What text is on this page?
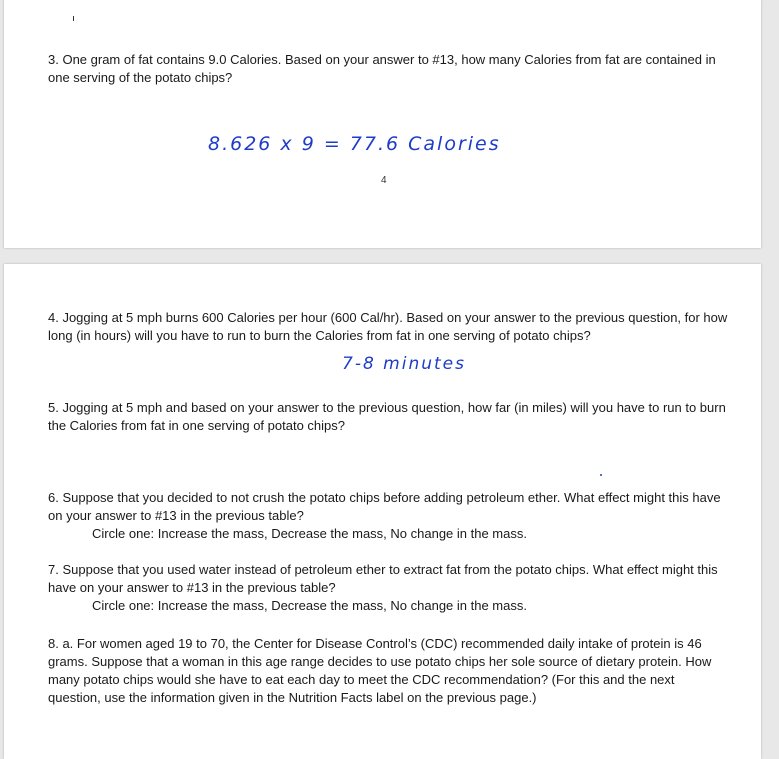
3. One gram of fat contains 9.0 Calories. Based on your answer to #13, how many Calories from fat are contained in one serving of the potato chips?

8.626 x 9 = 77.6 Calories
4

4. Jogging at 5 mph burns 600 Calories per hour (600 Cal/hr). Based on your answer to the previous question, for how long (in hours) will you have to run to burn the Calories from fat in one serving of potato chips?

7-8 minutes

5. Jogging at 5 mph and based on your answer to the previous question, how far (in miles) will you have to run to burn the Calories from fat in one serving of potato chips?

6. Suppose that you decided to not crush the potato chips before adding petroleum ether. What effect might this have on your answer to #13 in the previous table?

Circle one: Increase the mass, Decrease the mass, No change in the mass.

7. Suppose that you used water instead of petroleum ether to extract fat from the potato chips. What effect might this have on your answer to #13 in the previous table?

Circle one: Increase the mass, Decrease the mass, No change in the mass.

8. a. For women aged 19 to 70, the Center for Disease Control’s (CDC) recommended daily intake of protein is 46 grams. Suppose that a woman in this age range decides to use potato chips her sole source of dietary protein. How many potato chips would she have to eat each day to meet the CDC recommendation? (For this and the next question, use the information given in the Nutrition Facts label on the previous page.)
